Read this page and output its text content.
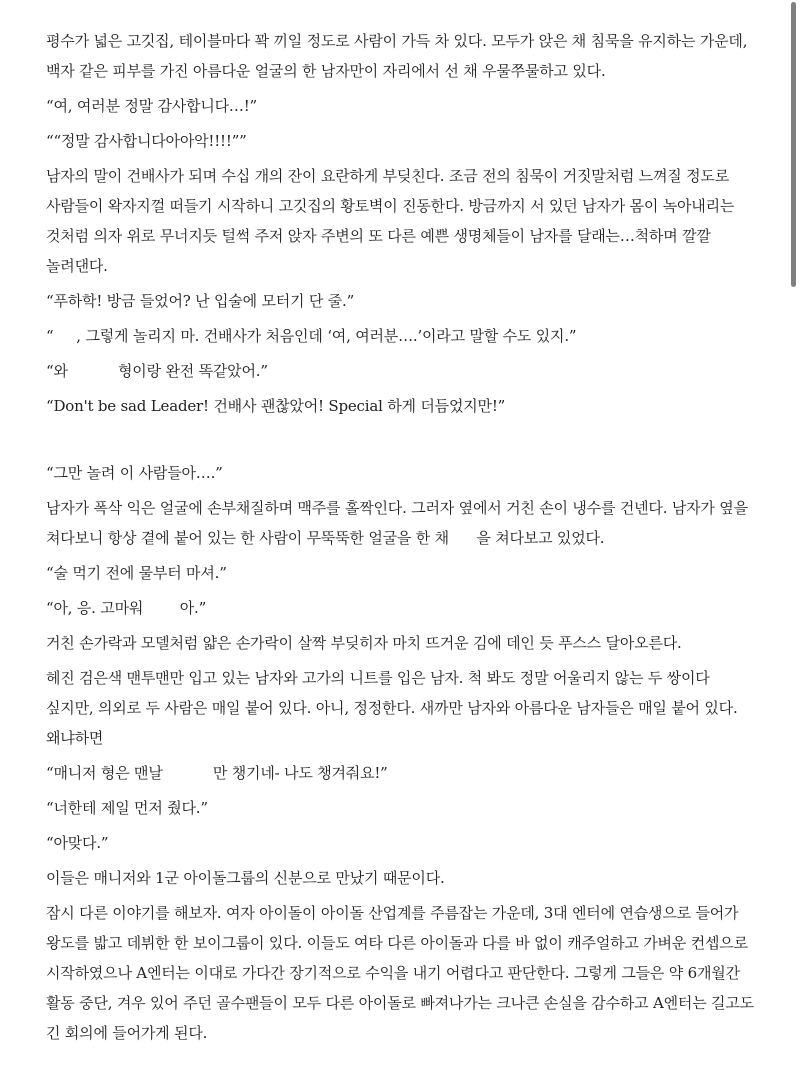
평수가 넓은 고깃집, 테이블마다 꽉 끼일 정도로 사람이 가득 차 있다. 모두가 앉은 채 침묵을 유지하는 가운데, 백자 같은 피부를 가진 아름다운 얼굴의 한 남자만이 자리에서 선 채 우물쭈물하고 있다.

“여, 여러분 정말 감사합니다…!”

““정말 감사합니다아아악!!!!””

남자의 말이 건배사가 되며 수십 개의 잔이 요란하게 부딪친다. 조금 전의 침묵이 거짓말처럼 느껴질 정도로 사람들이 왁자지껄 떠들기 시작하니 고깃집의 황토벽이 진동한다. 방금까지 서 있던 남자가 몸이 녹아내리는 것처럼 의자 위로 무너지듯 털썩 주저 앉자 주변의 또 다른 예쁜 생명체들이 남자를 달래는…척하며 깔깔 놀려댄다.

“푸하학! 방금 들었어? 난 입술에 모터기 단 줄.”

“     , 그렇게 놀리지 마. 건배사가 처음인데 ‘여, 여러분….’이라고 말할 수도 있지.”

“와           형이랑 완전 똑같았어.”

“Don't be sad Leader! 건배사 괜찮았어! Special 하게 더듬었지만!”

“그만 놀려 이 사람들아….”

남자가 폭삭 익은 얼굴에 손부채질하며 맥주를 홀짝인다. 그러자 옆에서 거친 손이 냉수를 건넨다. 남자가 옆을 쳐다보니 항상 곁에 붙어 있는 한 사람이 무뚝뚝한 얼굴을 한 채      을 쳐다보고 있었다.

“술 먹기 전에 물부터 마셔.”

“아, 응. 고마워        아.”

거친 손가락과 모델처럼 얇은 손가락이 살짝 부딪히자 마치 뜨거운 김에 데인 듯 푸스스 달아오른다.

헤진 검은색 맨투맨만 입고 있는 남자와 고가의 니트를 입은 남자. 척 봐도 정말 어울리지 않는 두 쌍이다 싶지만, 의외로 두 사람은 매일 붙어 있다. 아니, 정정한다. 새까만 남자와 아름다운 남자들은 매일 붙어 있다. 왜냐하면

“매니저 형은 맨날           만 챙기네- 나도 챙겨줘요!”

“너한테 제일 먼저 줬다.”

“아맞다.”

이들은 매니저와 1군 아이돌그룹의 신분으로 만났기 때문이다.

잠시 다른 이야기를 해보자. 여자 아이돌이 아이돌 산업계를 주름잡는 가운데, 3대 엔터에 연습생으로 들어가 왕도를 밟고 데뷔한 한 보이그룹이 있다. 이들도 여타 다른 아이돌과 다를 바 없이 캐주얼하고 가벼운 컨셉으로 시작하였으나 A엔터는 이대로 가다간 장기적으로 수익을 내기 어렵다고 판단한다. 그렇게 그들은 약 6개월간 활동 중단, 겨우 있어 주던 골수팬들이 모두 다른 아이돌로 빠져나가는 크나큰 손실을 감수하고 A엔터는 길고도 긴 회의에 들어가게 된다.
